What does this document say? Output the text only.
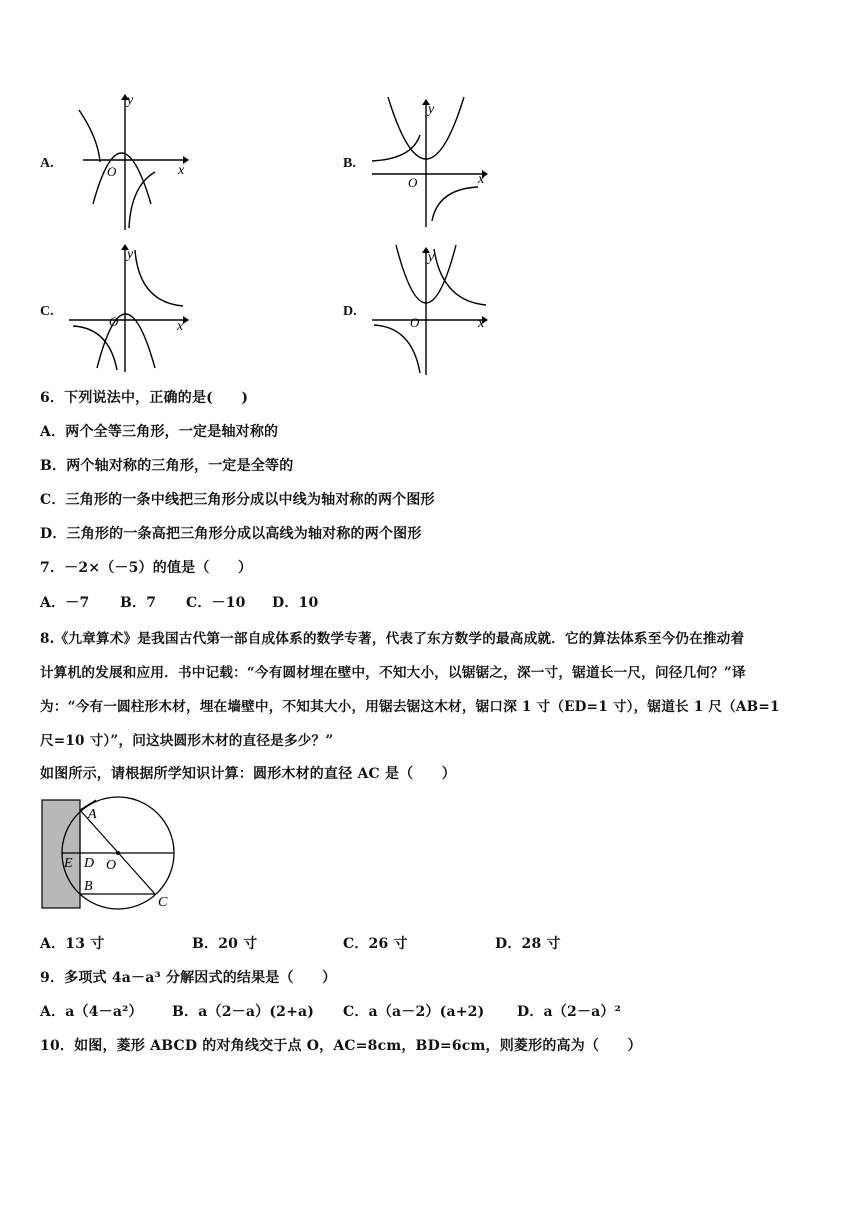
A.	x
y
O
B.
x
y
O
C.
x
y
O
D.
x
y
O
6．下列说法中，正确的是(　　)
A．两个全等三角形，一定是轴对称的
B．两个轴对称的三角形，一定是全等的
C．三角形的一条中线把三角形分成以中线为轴对称的两个图形
D．三角形的一条高把三角形分成以高线为轴对称的两个图形
7．－2×（－5）的值是（　　）
A．－7 B．7 C．－10 D．10
8.《九章算术》是我国古代第一部自成体系的数学专著，代表了东方数学的最高成就．它的算法体系至今仍在推动着
计算机的发展和应用．书中记载：“今有圆材埋在壁中，不知大小，以锯锯之，深一寸，锯道长一尺，问径几何？”译
为：“今有一圆柱形木材，埋在墙壁中，不知其大小，用锯去锯这木材，锯口深 1 寸（ED=1 寸），锯道长 1 尺（AB=1
尺=10 寸）”，问这块圆形木材的直径是多少？”
如图所示，请根据所学知识计算：圆形木材的直径 AC 是（　　）
A
E D O
B
C
A．13 寸	B．20 寸	C．26 寸	D．28 寸
9．多项式 4a－a³ 分解因式的结果是（　　）
A．a（4－a²） B．a（2－a）(2+a) C．a（a－2）(a+2) D．a（2－a）²
10．如图，菱形 ABCD 的对角线交于点 O，AC=8cm，BD=6cm，则菱形的高为（　　）
